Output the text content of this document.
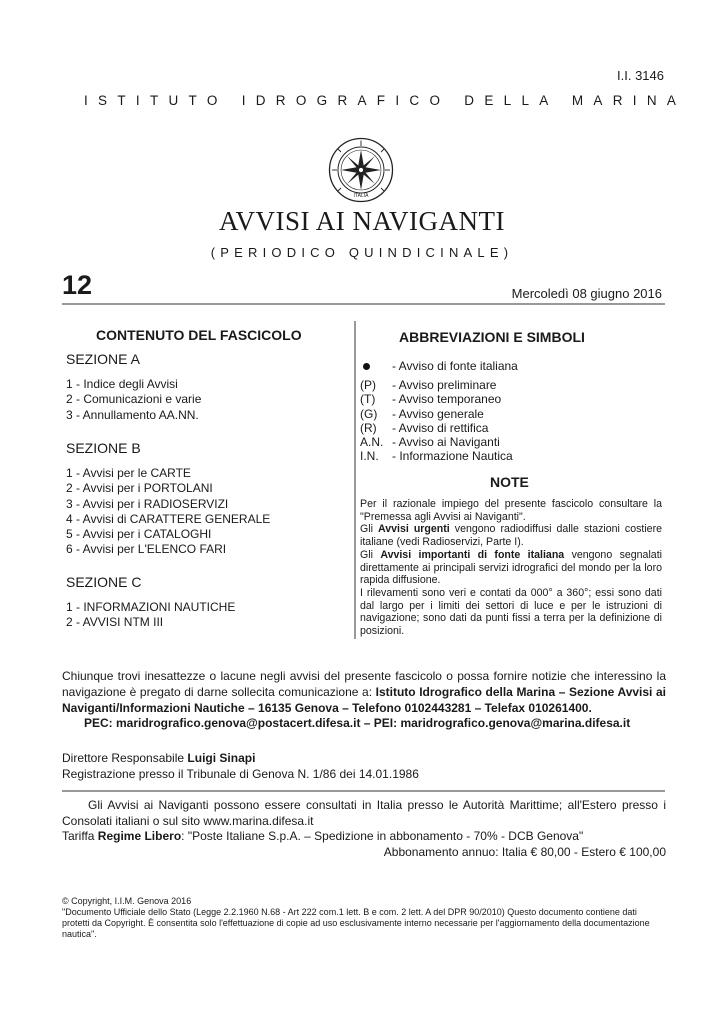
I.I. 3146
ISTITUTO IDROGRAFICO DELLA MARINA
ITALIA
AVVISI AI NAVIGANTI
(PERIODICO QUINDICINALE)
12	Mercoledì 08 giugno 2016
CONTENUTO DEL FASCICOLO
SEZIONE A
1 - Indice degli Avvisi
2 - Comunicazioni e varie
3 - Annullamento AA.NN.
SEZIONE B
1 - Avvisi per le CARTE
2 - Avvisi per i PORTOLANI
3 - Avvisi per i RADIOSERVIZI
4 - Avvisi di CARATTERE GENERALE
5 - Avvisi per i CATALOGHI
6 - Avvisi per L'ELENCO FARI
SEZIONE C
1 - INFORMAZIONI NAUTICHE
2 - AVVISI NTM III
ABBREVIAZIONI E SIMBOLI
- Avviso di fonte italiana
(P) - Avviso preliminare
(T) - Avviso temporaneo
(G) - Avviso generale
(R) - Avviso di rettifica
A.N. - Avviso ai Naviganti
I.N. - Informazione Nautica
NOTE

Per il razionale impiego del presente fascicolo consultare la "Premessa agli Avvisi ai Naviganti".

Gli Avvisi urgenti vengono radiodiffusi dalle stazioni costiere italiane (vedi Radioservizi, Parte I).

Gli Avvisi importanti di fonte italiana vengono segnalati direttamente ai principali servizi idrografici del mondo per la loro rapida diffusione.

I rilevamenti sono veri e contati da 000° a 360°; essi sono dati dal largo per i limiti dei settori di luce e per le istruzioni di navigazione; sono dati da punti fissi a terra per la definizione di posizioni.

Chiunque trovi inesattezze o lacune negli avvisi del presente fascicolo o possa fornire notizie che interessino la navigazione è pregato di darne sollecita comunicazione a: Istituto Idrografico della Marina – Sezione Avvisi ai Naviganti/Informazioni Nautiche – 16135 Genova – Telefono 0102443281 – Telefax 010261400.

PEC: maridrografico.genova@postacert.difesa.it – PEI: maridrografico.genova@marina.difesa.it

Direttore Responsabile Luigi Sinapi
Registrazione presso il Tribunale di Genova N. 1/86 dei 14.01.1986

Gli Avvisi ai Naviganti possono essere consultati in Italia presso le Autorità Marittime; all'Estero presso i Consolati italiani o sul sito www.marina.difesa.it

Tariffa Regime Libero: "Poste Italiane S.p.A. – Spedizione in abbonamento - 70% - DCB Genova"

Abbonamento annuo: Italia € 80,00 - Estero € 100,00

© Copyright, I.I.M. Genova 2016

"Documento Ufficiale dello Stato (Legge 2.2.1960 N.68 - Art 222 com.1 lett. B e com. 2 lett. A del DPR 90/2010) Questo documento contiene dati protetti da Copyright. È consentita solo l'effettuazione di copie ad uso esclusivamente interno necessarie per l'aggiornamento della documentazione nautica".
